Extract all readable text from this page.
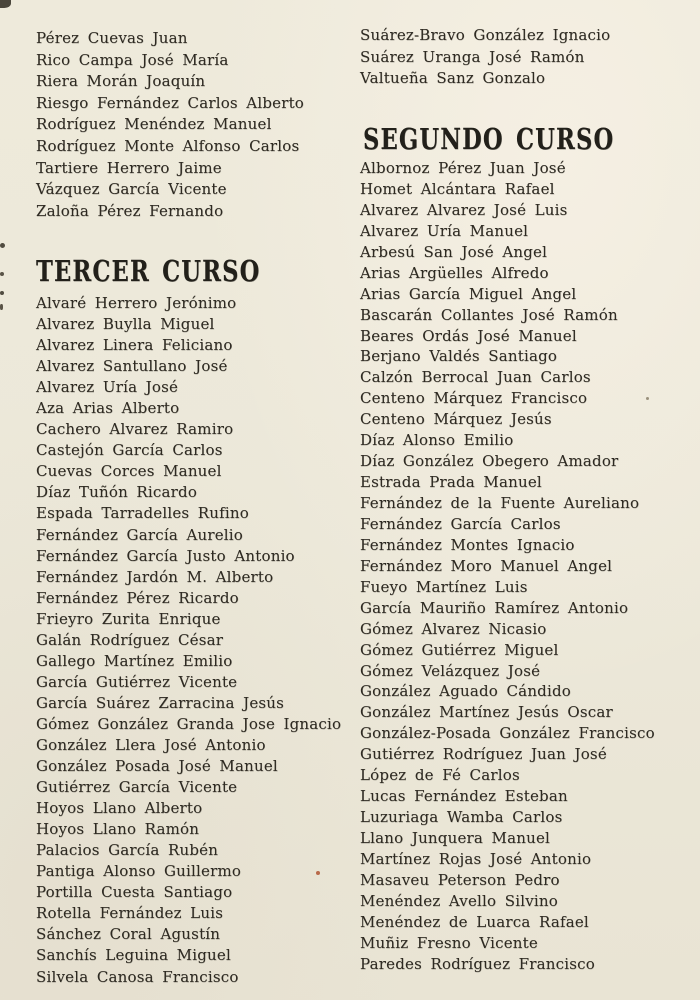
Pérez Cuevas Juan
Rico Campa José María
Riera Morán Joaquín
Riesgo Fernández Carlos Alberto
Rodríguez Menéndez Manuel
Rodríguez Monte Alfonso Carlos
Tartiere Herrero Jaime
Vázquez García Vicente
Zaloña Pérez Fernando
TERCER CURSO
Alvaré Herrero Jerónimo
Alvarez Buylla Miguel
Alvarez Linera Feliciano
Alvarez Santullano José
Alvarez Uría José
Aza Arias Alberto
Cachero Alvarez Ramiro
Castejón García Carlos
Cuevas Corces Manuel
Díaz Tuñón Ricardo
Espada Tarradelles Rufino
Fernández García Aurelio
Fernández García Justo Antonio
Fernández Jardón M. Alberto
Fernández Pérez Ricardo
Frieyro Zurita Enrique
Galán Rodríguez César
Gallego Martínez Emilio
García Gutiérrez Vicente
García Suárez Zarracina Jesús
Gómez González Granda Jose Ignacio
González Llera José Antonio
González Posada José Manuel
Gutiérrez García Vicente
Hoyos Llano Alberto
Hoyos Llano Ramón
Palacios García Rubén
Pantiga Alonso Guillermo
Portilla Cuesta Santiago
Rotella Fernández Luis
Sánchez Coral Agustín
Sanchís Leguina Miguel
Silvela Canosa Francisco
Suárez-Bravo González Ignacio
Suárez Uranga José Ramón
Valtueña Sanz Gonzalo
SEGUNDO CURSO
Albornoz Pérez Juan José
Homet Alcántara Rafael
Alvarez Alvarez José Luis
Alvarez Uría Manuel
Arbesú San José Angel
Arias Argüelles Alfredo
Arias García Miguel Angel
Bascarán Collantes José Ramón
Beares Ordás José Manuel
Berjano Valdés Santiago
Calzón Berrocal Juan Carlos
Centeno Márquez Francisco
Centeno Márquez Jesús
Díaz Alonso Emilio
Díaz González Obegero Amador
Estrada Prada Manuel
Fernández de la Fuente Aureliano
Fernández García Carlos
Fernández Montes Ignacio
Fernández Moro Manuel Angel
Fueyo Martínez Luis
García Mauriño Ramírez Antonio
Gómez Alvarez Nicasio
Gómez Gutiérrez Miguel
Gómez Velázquez José
González Aguado Cándido
González Martínez Jesús Oscar
González-Posada González Francisco
Gutiérrez Rodríguez Juan José
López de Fé Carlos
Lucas Fernández Esteban
Luzuriaga Wamba Carlos
Llano Junquera Manuel
Martínez Rojas José Antonio
Masaveu Peterson Pedro
Menéndez Avello Silvino
Menéndez de Luarca Rafael
Muñiz Fresno Vicente
Paredes Rodríguez Francisco
